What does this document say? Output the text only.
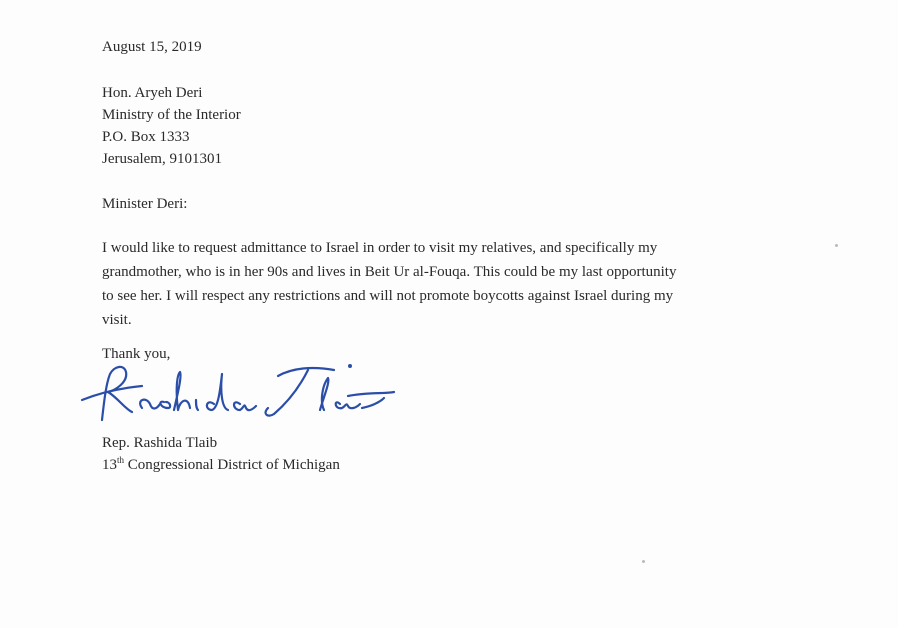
August 15, 2019
Hon. Aryeh Deri
Ministry of the Interior
P.O. Box 1333
Jerusalem, 9101301
Minister Deri:
I would like to request admittance to Israel in order to visit my relatives, and specifically my
grandmother, who is in her 90s and lives in Beit Ur al-Fouqa. This could be my last opportunity
to see her. I will respect any restrictions and will not promote boycotts against Israel during my
visit.
Thank you,
Rep. Rashida Tlaib
13th Congressional District of Michigan
